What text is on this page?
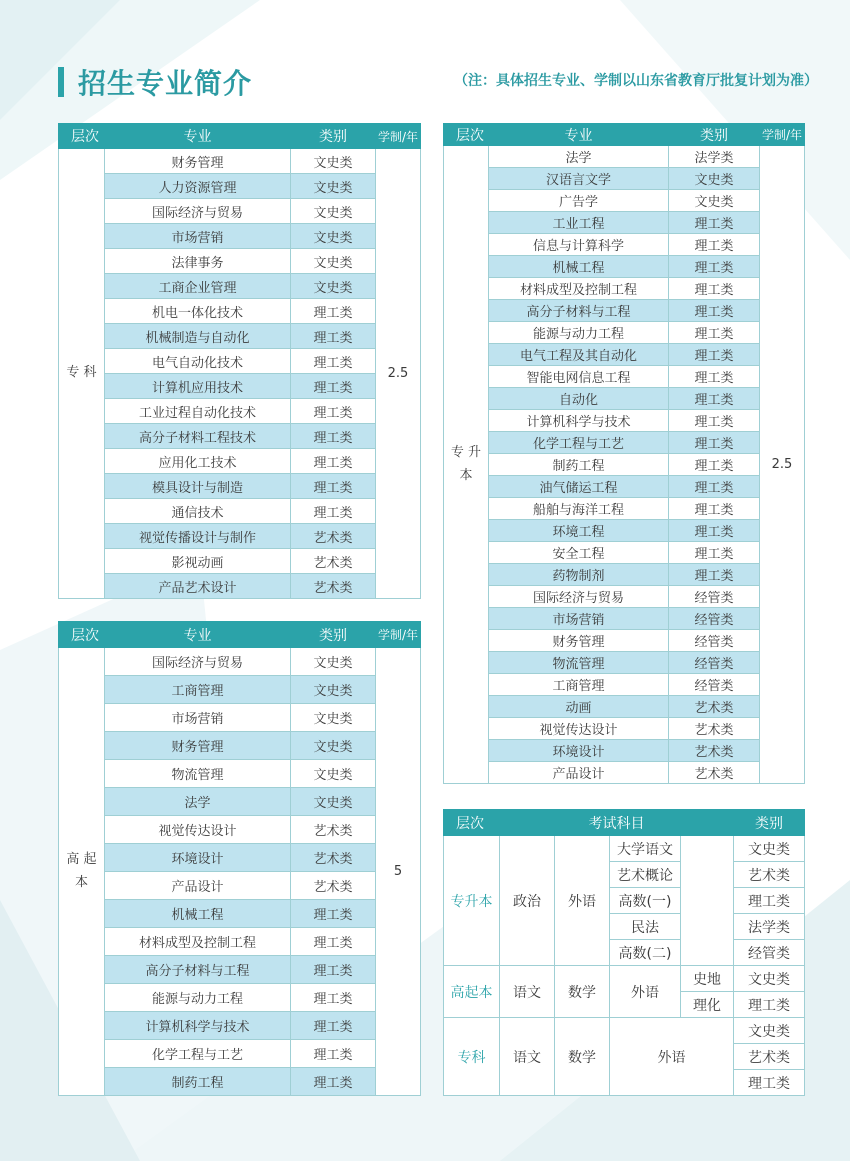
招生专业简介	（注：具体招生专业、学制以山东省教育厅批复计划为准）
层次	专业	类别	学制/年
专 科	财务管理	文史类	2.5
	人力资源管理	文史类	
	国际经济与贸易	文史类	
	市场营销	文史类	
	法律事务	文史类	
	工商企业管理	文史类	
	机电一体化技术	理工类	
	机械制造与自动化	理工类	
	电气自动化技术	理工类	
	计算机应用技术	理工类	
	工业过程自动化技术	理工类	
	高分子材料工程技术	理工类	
	应用化工技术	理工类	
	模具设计与制造	理工类	
	通信技术	理工类	
	视觉传播设计与制作	艺术类	
	影视动画	艺术类	
	产品艺术设计	艺术类	
层次	专业	类别	学制/年
高 起 本	国际经济与贸易	文史类	5
	工商管理	文史类	
	市场营销	文史类	
	财务管理	文史类	
	物流管理	文史类	
	法学	文史类	
	视觉传达设计	艺术类	
	环境设计	艺术类	
	产品设计	艺术类	
	机械工程	理工类	
	材料成型及控制工程	理工类	
	高分子材料与工程	理工类	
	能源与动力工程	理工类	
	计算机科学与技术	理工类	
	化学工程与工艺	理工类	
	制药工程	理工类	
层次	专业	类别	学制/年
专 升 本	法学	法学类	2.5
	汉语言文学	文史类	
	广告学	文史类	
	工业工程	理工类	
	信息与计算科学	理工类	
	机械工程	理工类	
	材料成型及控制工程	理工类	
	高分子材料与工程	理工类	
	能源与动力工程	理工类	
	电气工程及其自动化	理工类	
	智能电网信息工程	理工类	
	自动化	理工类	
	计算机科学与技术	理工类	
	化学工程与工艺	理工类	
	制药工程	理工类	
	油气储运工程	理工类	
	船舶与海洋工程	理工类	
	环境工程	理工类	
	安全工程	理工类	
	药物制剂	理工类	
	国际经济与贸易	经管类	
	市场营销	经管类	
	财务管理	经管类	
	物流管理	经管类	
	工商管理	经管类	
	动画	艺术类	
	视觉传达设计	艺术类	
	环境设计	艺术类	
	产品设计	艺术类	
层次	考试科目				类别
专升本	政治	外语	大学语文		文史类
			艺术概论		艺术类
			高数(一)		理工类
			民法		法学类
			高数(二)		经管类
高起本	语文	数学	外语	史地	文史类
				理化	理工类
专科	语文	数学	外语		文史类
					艺术类
					理工类
